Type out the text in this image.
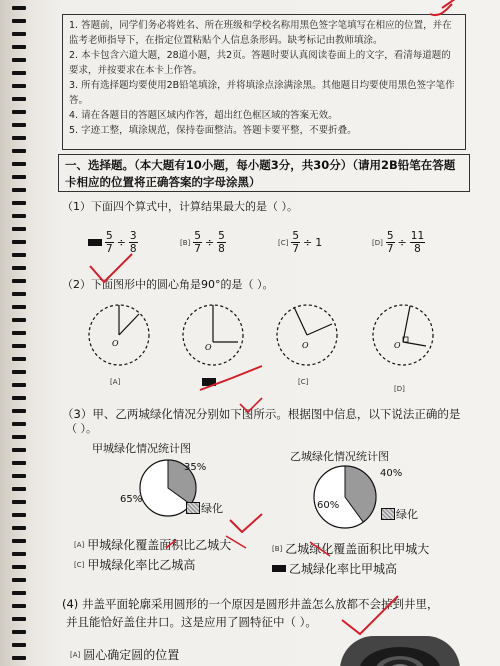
1. 答题前，同学们务必将姓名、所在班级和学校名称用黑色签字笔填写在相应的位置，并在监考老师指导下，在指定位置粘贴个人信息条形码。缺考标记由教师填涂。

2. 本卡包含六道大题，28道小题，共2页。答题时要认真阅读卷面上的文字，看清每道题的要求，并按要求在本卡上作答。

3. 所有选择题均要使用2B铅笔填涂，并将填涂点涂满涂黑。其他题目均要使用黑色签字笔作答。

4. 请在各题目的答题区域内作答，超出红色框区域的答案无效。

5. 字迹工整，填涂规范，保持卷面整洁。答题卡要平整，不要折叠。

一、选择题。（本大题有10小题，每小题3分，共30分）（请用2B铅笔在答题卡相应的位置将正确答案的字母涂黑）
（1）下面四个算式中，计算结果最大的是（ ）。
$\frac{5}{7} \div \frac{3}{8}$	$[B] \frac{5}{7} \div \frac{5}{8}$	$[C] \frac{5}{7} \div 1$	$[D] \frac{5}{7} \div \frac{11}{8}$
（2）下面图形中的圆心角是90°的是（ ）。
O
[A]
O	O
[C]
O
[D]
（3）甲、乙两城绿化情况分别如下图所示。根据图中信息，以下说法正确的是
（ ）。
甲城绿化情况统计图
乙城绿化情况统计图
35%
65%
绿化
40%
60%
绿化
[A] 甲城绿化覆盖面积比乙城大	[B] 乙城绿化覆盖面积比甲城大
[C] 甲城绿化率比乙城高	乙城绿化率比甲城高
(4) 井盖平面轮廓采用圆形的一个原因是圆形井盖怎么放都不会掉到井里，
并且能恰好盖住井口。这是应用了圆特征中（ ）。
[A] 圆心确定圆的位置
